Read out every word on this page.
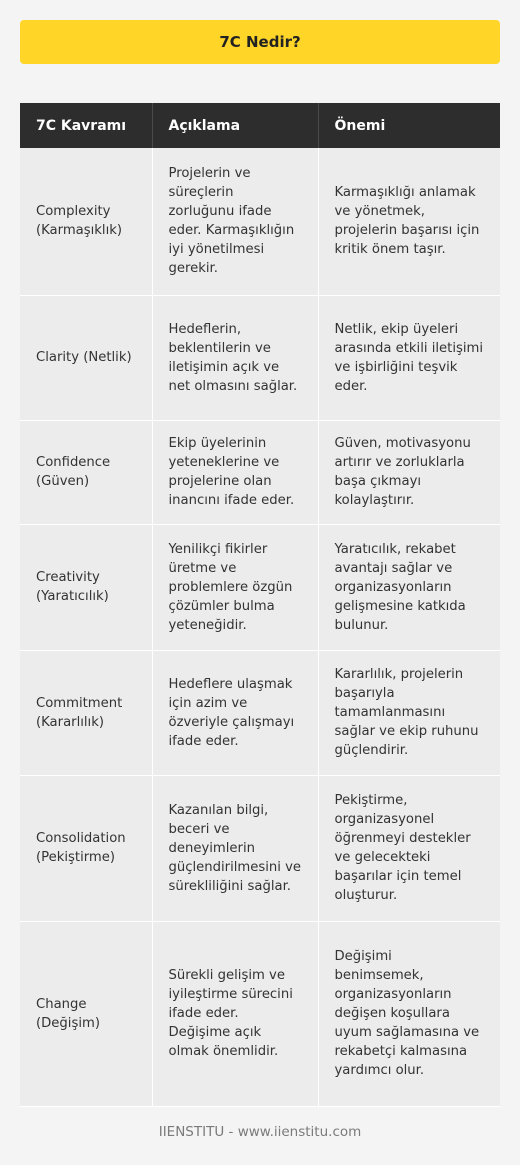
7C Nedir?
7C Kavramı	Açıklama	Önemi
Complexity (Karmaşıklık)	Projelerin ve süreçlerin zorluğunu ifade eder. Karmaşıklığın iyi yönetilmesi gerekir.	Karmaşıklığı anlamak ve yönetmek, projelerin başarısı için kritik önem taşır.
Clarity (Netlik)	Hedeflerin, beklentilerin ve iletişimin açık ve net olmasını sağlar.	Netlik, ekip üyeleri arasında etkili iletişimi ve işbirliğini teşvik eder.
Confidence (Güven)	Ekip üyelerinin yeteneklerine ve projelerine olan inancını ifade eder.	Güven, motivasyonu artırır ve zorluklarla başa çıkmayı kolaylaştırır.
Creativity (Yaratıcılık)	Yenilikçi fikirler üretme ve problemlere özgün çözümler bulma yeteneğidir.	Yaratıcılık, rekabet avantajı sağlar ve organizasyonların gelişmesine katkıda bulunur.
Commitment (Kararlılık)	Hedeflere ulaşmak için azim ve özveriyle çalışmayı ifade eder.	Kararlılık, projelerin başarıyla tamamlanmasını sağlar ve ekip ruhunu güçlendirir.
Consolidation (Pekiştirme)	Kazanılan bilgi, beceri ve deneyimlerin güçlendirilmesini ve sürekliliğini sağlar.	Pekiştirme, organizasyonel öğrenmeyi destekler ve gelecekteki başarılar için temel oluşturur.
Change (Değişim)	Sürekli gelişim ve iyileştirme sürecini ifade eder. Değişime açık olmak önemlidir.	Değişimi benimsemek, organizasyonların değişen koşullara uyum sağlamasına ve rekabetçi kalmasına yardımcı olur.
IIENSTITU - www.iienstitu.com
